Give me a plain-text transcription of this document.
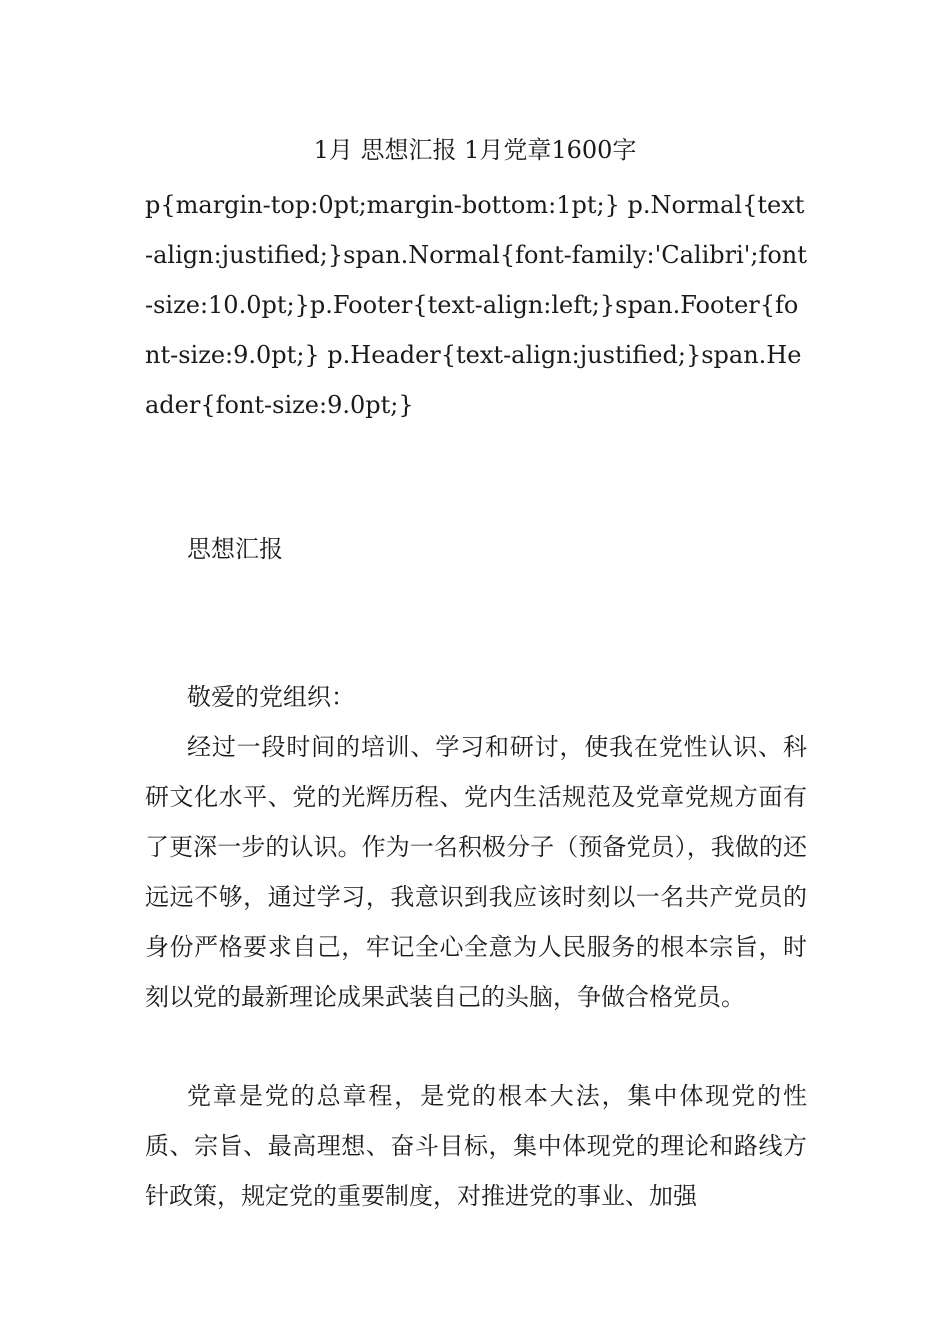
1月 思想汇报 1月党章1600字

p{margin-top:0pt;margin-bottom:1pt;} p.Normal{text-align:justified;}span.Normal{font-family:'Calibri';font-size:10.0pt;}p.Footer{text-align:left;}span.Footer{font-size:9.0pt;} p.Header{text-align:justified;}span.Header{font-size:9.0pt;}

思想汇报

敬爱的党组织：

经过一段时间的培训、学习和研讨，使我在党性认识、科研文化水平、党的光辉历程、党内生活规范及党章党规方面有了更深一步的认识。作为一名积极分子（预备党员），我做的还远远不够，通过学习，我意识到我应该时刻以一名共产党员的身份严格要求自己，牢记全心全意为人民服务的根本宗旨，时刻以党的最新理论成果武装自己的头脑，争做合格党员。

党章是党的总章程，是党的根本大法，集中体现党的性质、宗旨、最高理想、奋斗目标，集中体现党的理论和路线方针政策，规定党的重要制度，对推进党的事业、加强
